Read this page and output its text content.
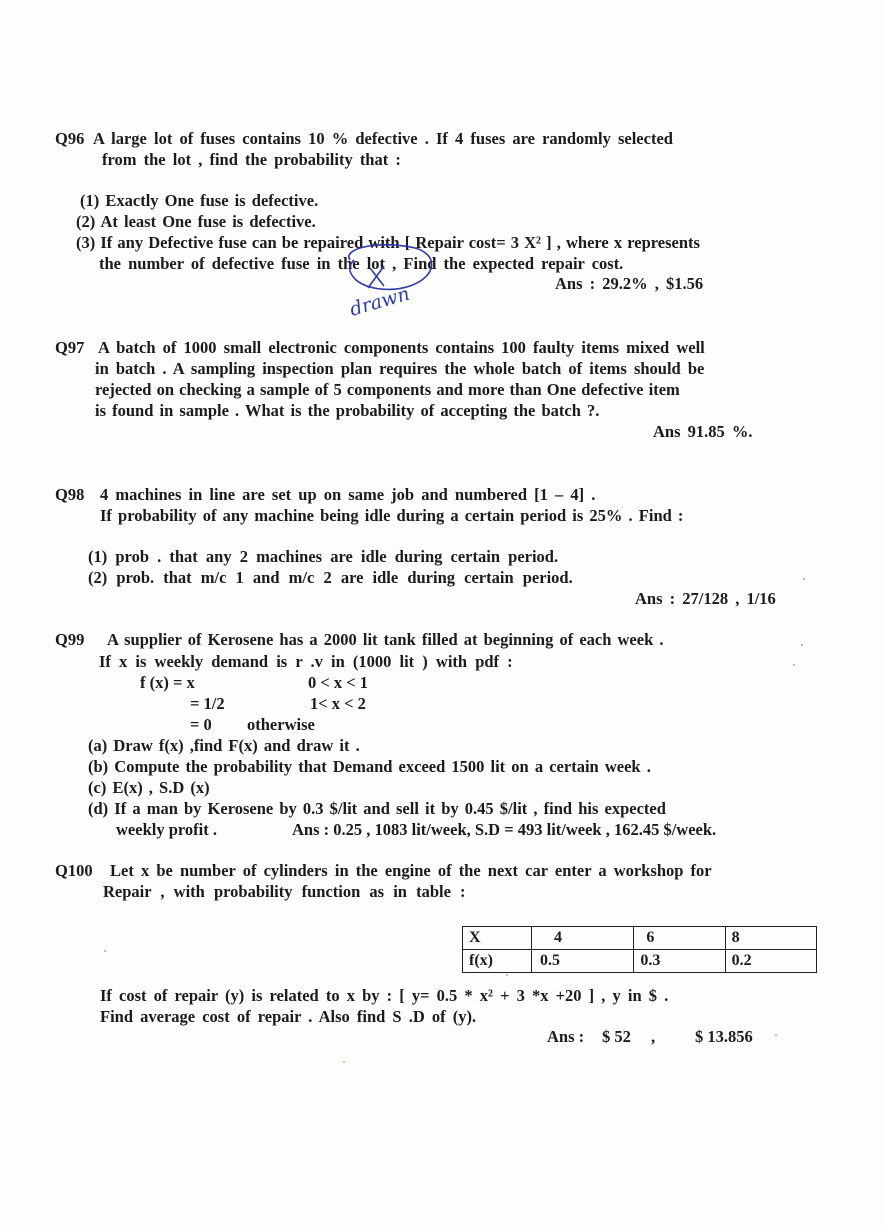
Q96 A large lot of fuses contains 10 % defective . If 4 fuses are randomly selected
from the lot , find the probability that :
(1) Exactly One fuse is defective.
(2) At least One fuse is defective.
(3) If any Defective fuse can be repaired with [ Repair cost= 3 X² ] , where x represents
the number of defective fuse in the lot , Find the expected repair cost.
drawn	Ans : 29.2% , $1.56
Q97 A batch of 1000 small electronic components contains 100 faulty items mixed well
in batch . A sampling inspection plan requires the whole batch of items should be
rejected on checking a sample of 5 components and more than One defective item
is found in sample . What is the probability of accepting the batch ?.
Ans 91.85 %.
Q98 4 machines in line are set up on same job and numbered [1 – 4] .
If probability of any machine being idle during a certain period is 25% . Find :
(1) prob . that any 2 machines are idle during certain period.
(2) prob. that m/c 1 and m/c 2 are idle during certain period.
Ans : 27/128 , 1/16
Q99 A supplier of Kerosene has a 2000 lit tank filled at beginning of each week .
If x is weekly demand is r .v in (1000 lit ) with pdf :
f (x) = x	0 < x < 1
= 1/2	1< x < 2
= 0 otherwise
(a) Draw f(x) ,find F(x) and draw it .
(b) Compute the probability that Demand exceed 1500 lit on a certain week .
(c) E(x) , S.D (x)
(d) If a man by Kerosene by 0.3 $/lit and sell it by 0.45 $/lit , find his expected
weekly profit .	Ans : 0.25 , 1083 lit/week, S.D = 493 lit/week , 162.45 $/week.
Q100 Let x be number of cylinders in the engine of the next car enter a workshop for
Repair , with probability function as in table :
X	4	6	8
f(x)	0.5	0.3	0.2
If cost of repair (y) is related to x by : [ y= 0.5 * x² + 3 *x +20 ] , y in $ .
Find average cost of repair . Also find S .D of (y).
Ans : $ 52 , $ 13.856
